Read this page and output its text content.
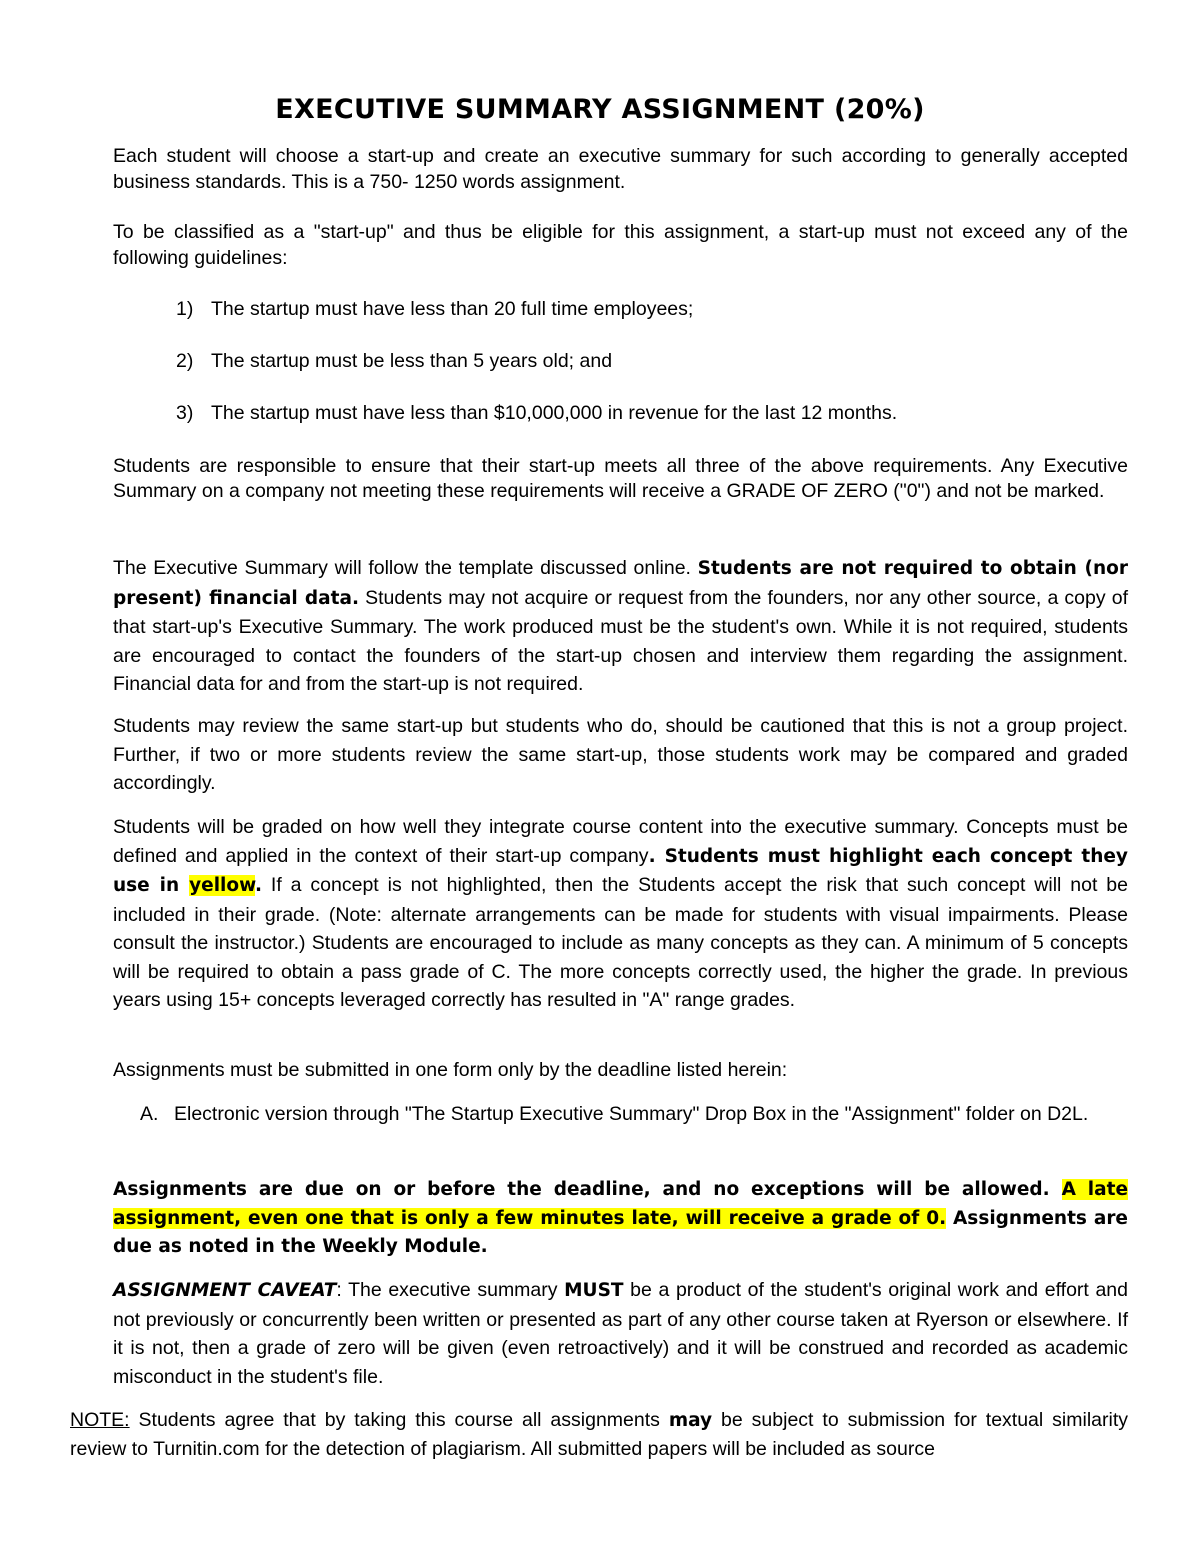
EXECUTIVE SUMMARY ASSIGNMENT (20%)
Each student will choose a start-up and create an executive summary for such according to generally accepted business standards. This is a 750- 1250 words assignment.
To be classified as a "start-up" and thus be eligible for this assignment, a start-up must not exceed any of the following guidelines:
1) The startup must have less than 20 full time employees;
2) The startup must be less than 5 years old; and
3) The startup must have less than $10,000,000 in revenue for the last 12 months.
Students are responsible to ensure that their start-up meets all three of the above requirements. Any Executive Summary on a company not meeting these requirements will receive a GRADE OF ZERO ("0") and not be marked.
The Executive Summary will follow the template discussed online. Students are not required to obtain (nor present) financial data. Students may not acquire or request from the founders, nor any other source, a copy of that start-up's Executive Summary. The work produced must be the student's own. While it is not required, students are encouraged to contact the founders of the start-up chosen and interview them regarding the assignment. Financial data for and from the start-up is not required.
Students may review the same start-up but students who do, should be cautioned that this is not a group project. Further, if two or more students review the same start-up, those students work may be compared and graded accordingly.
Students will be graded on how well they integrate course content into the executive summary. Concepts must be defined and applied in the context of their start-up company. Students must highlight each concept they use in yellow. If a concept is not highlighted, then the Students accept the risk that such concept will not be included in their grade. (Note: alternate arrangements can be made for students with visual impairments. Please consult the instructor.) Students are encouraged to include as many concepts as they can. A minimum of 5 concepts will be required to obtain a pass grade of C. The more concepts correctly used, the higher the grade. In previous years using 15+ concepts leveraged correctly has resulted in "A" range grades.
Assignments must be submitted in one form only by the deadline listed herein:
A. Electronic version through "The Startup Executive Summary" Drop Box in the "Assignment" folder on D2L.
Assignments are due on or before the deadline, and no exceptions will be allowed. A late assignment, even one that is only a few minutes late, will receive a grade of 0. Assignments are due as noted in the Weekly Module.
ASSIGNMENT CAVEAT: The executive summary MUST be a product of the student's original work and effort and not previously or concurrently been written or presented as part of any other course taken at Ryerson or elsewhere. If it is not, then a grade of zero will be given (even retroactively) and it will be construed and recorded as academic misconduct in the student's file.
NOTE: Students agree that by taking this course all assignments may be subject to submission for textual similarity review to Turnitin.com for the detection of plagiarism. All submitted papers will be included as source
